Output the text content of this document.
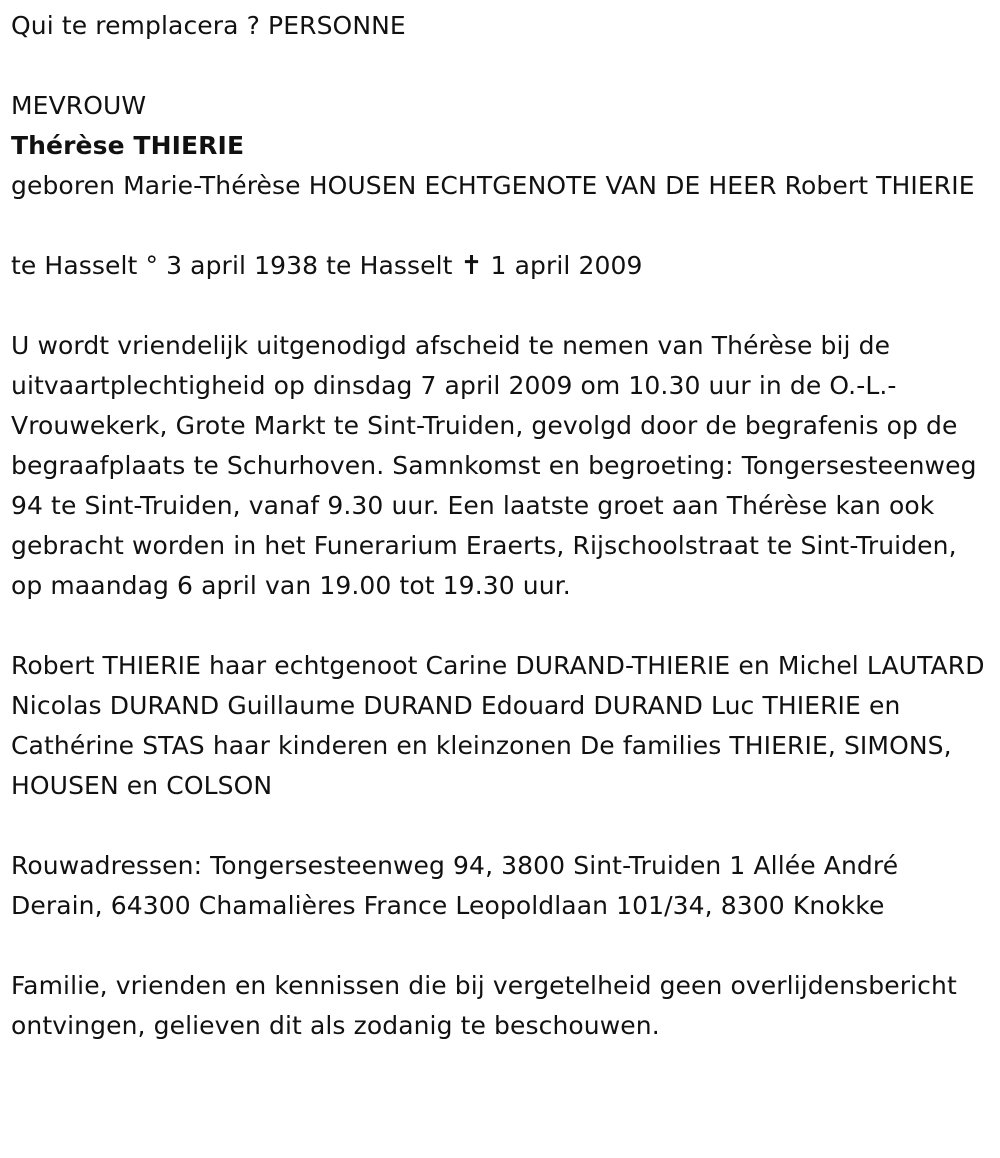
Qui te remplacera ? PERSONNE

MEVROUW

Thérèse THIERIE

geboren Marie-Thérèse HOUSEN ECHTGENOTE VAN DE HEER Robert THIERIE

te Hasselt ° 3 april 1938 te Hasselt ✝ 1 april 2009

U wordt vriendelijk uitgenodigd afscheid te nemen van Thérèse bij de uitvaartplechtigheid op dinsdag 7 april 2009 om 10.30 uur in de O.-L.-Vrouwekerk, Grote Markt te Sint-Truiden, gevolgd door de begrafenis op de begraafplaats te Schurhoven. Samnkomst en begroeting: Tongersesteenweg 94 te Sint-Truiden, vanaf 9.30 uur. Een laatste groet aan Thérèse kan ook gebracht worden in het Funerarium Eraerts, Rijschoolstraat te Sint-Truiden, op maandag 6 april van 19.00 tot 19.30 uur.

Robert THIERIE haar echtgenoot Carine DURAND-THIERIE en Michel LAUTARD Nicolas DURAND Guillaume DURAND Edouard DURAND Luc THIERIE en Cathérine STAS haar kinderen en kleinzonen De families THIERIE, SIMONS, HOUSEN en COLSON

Rouwadressen: Tongersesteenweg 94, 3800 Sint-Truiden 1 Allée André Derain, 64300 Chamalières France Leopoldlaan 101/34, 8300 Knokke

Familie, vrienden en kennissen die bij vergetelheid geen overlijdensbericht ontvingen, gelieven dit als zodanig te beschouwen.
